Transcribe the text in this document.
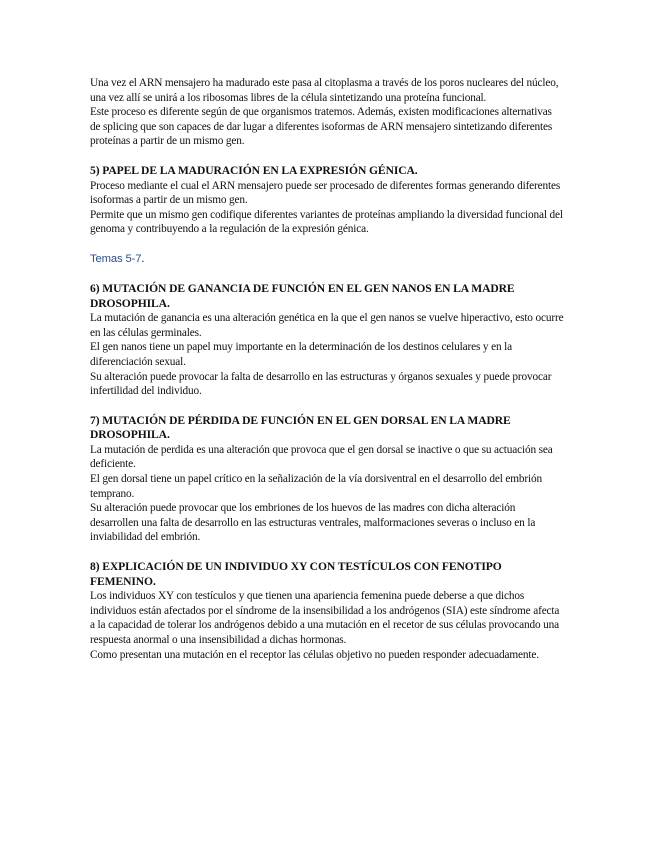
Una vez el ARN mensajero ha madurado este pasa al citoplasma a través de los poros nucleares del núcleo, una vez allí se unirá a los ribosomas libres de la célula sintetizando una proteína funcional.

Este proceso es diferente según de que organismos tratemos. Además, existen modificaciones alternativas de splicing que son capaces de dar lugar a diferentes isoformas de ARN mensajero sintetizando diferentes proteínas a partir de un mismo gen.

5) PAPEL DE LA MADURACIÓN EN LA EXPRESIÓN GÉNICA.

Proceso mediante el cual el ARN mensajero puede ser procesado de diferentes formas generando diferentes isoformas a partir de un mismo gen.

Permite que un mismo gen codifique diferentes variantes de proteínas ampliando la diversidad funcional del genoma y contribuyendo a la regulación de la expresión génica.

Temas 5-7.

6) MUTACIÓN DE GANANCIA DE FUNCIÓN EN EL GEN NANOS EN LA MADRE DROSOPHILA.

La mutación de ganancia es una alteración genética en la que el gen nanos se vuelve hiperactivo, esto ocurre en las células germinales.

El gen nanos tiene un papel muy importante en la determinación de los destinos celulares y en la diferenciación sexual.

Su alteración puede provocar la falta de desarrollo en las estructuras y órganos sexuales y puede provocar infertilidad del individuo.

7) MUTACIÓN DE PÉRDIDA DE FUNCIÓN EN EL GEN DORSAL EN LA MADRE DROSOPHILA.

La mutación de perdida es una alteración que provoca que el gen dorsal se inactive o que su actuación sea deficiente.

El gen dorsal tiene un papel crítico en la señalización de la vía dorsiventral en el desarrollo del embrión temprano.

Su alteración puede provocar que los embriones de los huevos de las madres con dicha alteración desarrollen una falta de desarrollo en las estructuras ventrales, malformaciones severas o incluso en la inviabilidad del embrión.

8) EXPLICACIÓN DE UN INDIVIDUO XY CON TESTÍCULOS CON FENOTIPO FEMENINO.

Los individuos XY con testículos y que tienen una apariencia femenina puede deberse a que dichos individuos están afectados por el síndrome de la insensibilidad a los andrógenos (SIA) este síndrome afecta a la capacidad de tolerar los andrógenos debido a una mutación en el recetor de sus células provocando una respuesta anormal o una insensibilidad a dichas hormonas.

Como presentan una mutación en el receptor las células objetivo no pueden responder adecuadamente.
